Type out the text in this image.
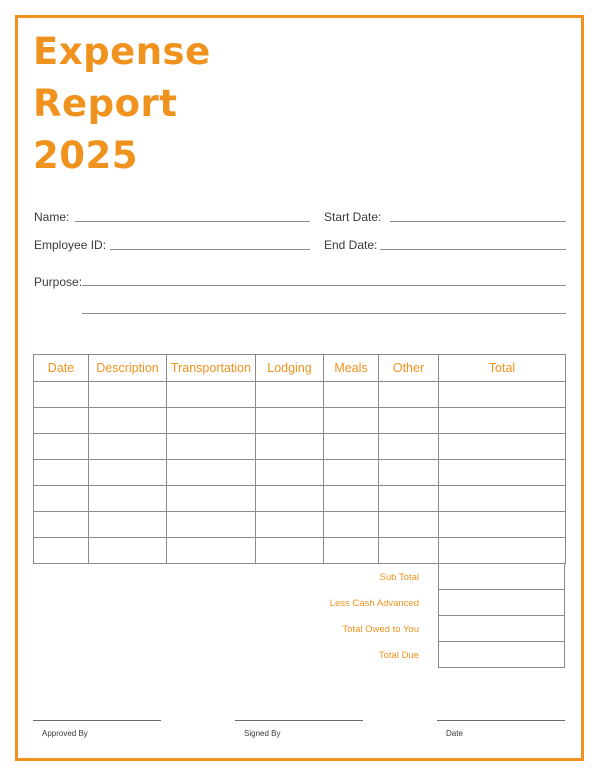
Expense
Report
2025
Name:	Start Date:
Employee ID:	End Date:
Purpose:
Date	Description	Transportation	Lodging	Meals	Other	Total

Sub Total
Less Cash Advanced
Total Owed to You
Total Due

Approved By	Signed By	Date
